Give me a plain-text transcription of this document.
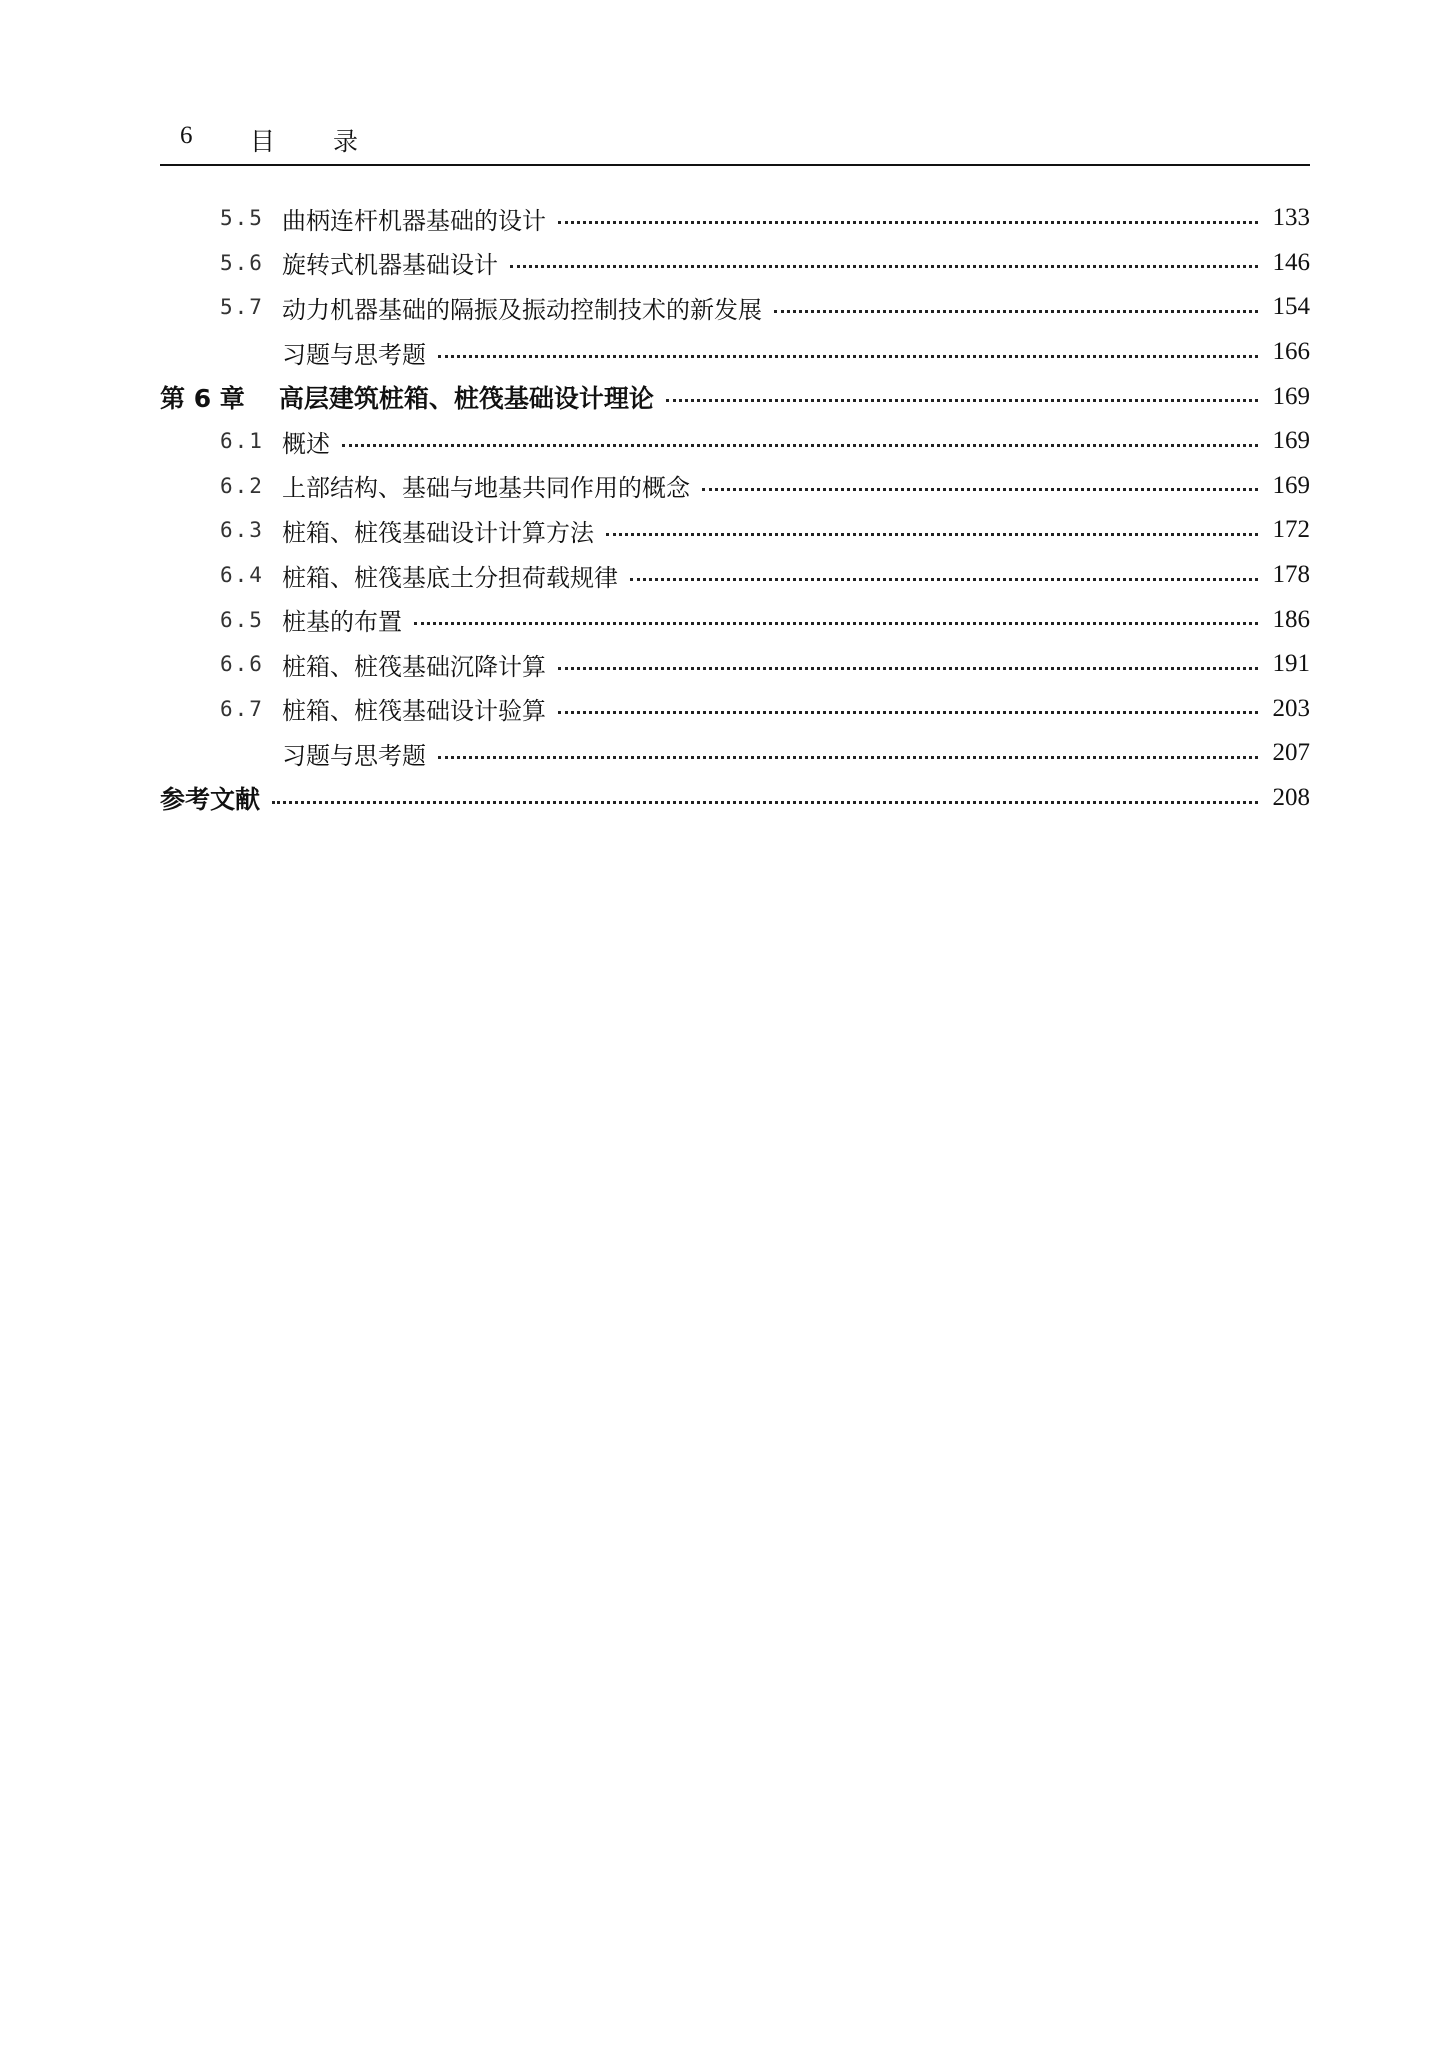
6 目录
5.5 曲柄连杆机器基础的设计	133
5.6 旋转式机器基础设计	146
5.7 动力机器基础的隔振及振动控制技术的新发展	154
习题与思考题	166
第 6 章 高层建筑桩箱、桩筏基础设计理论	169
6.1 概述	169
6.2 上部结构、基础与地基共同作用的概念	169
6.3 桩箱、桩筏基础设计计算方法	172
6.4 桩箱、桩筏基底土分担荷载规律	178
6.5 桩基的布置	186
6.6 桩箱、桩筏基础沉降计算	191
6.7 桩箱、桩筏基础设计验算	203
习题与思考题	207
参考文献	208
